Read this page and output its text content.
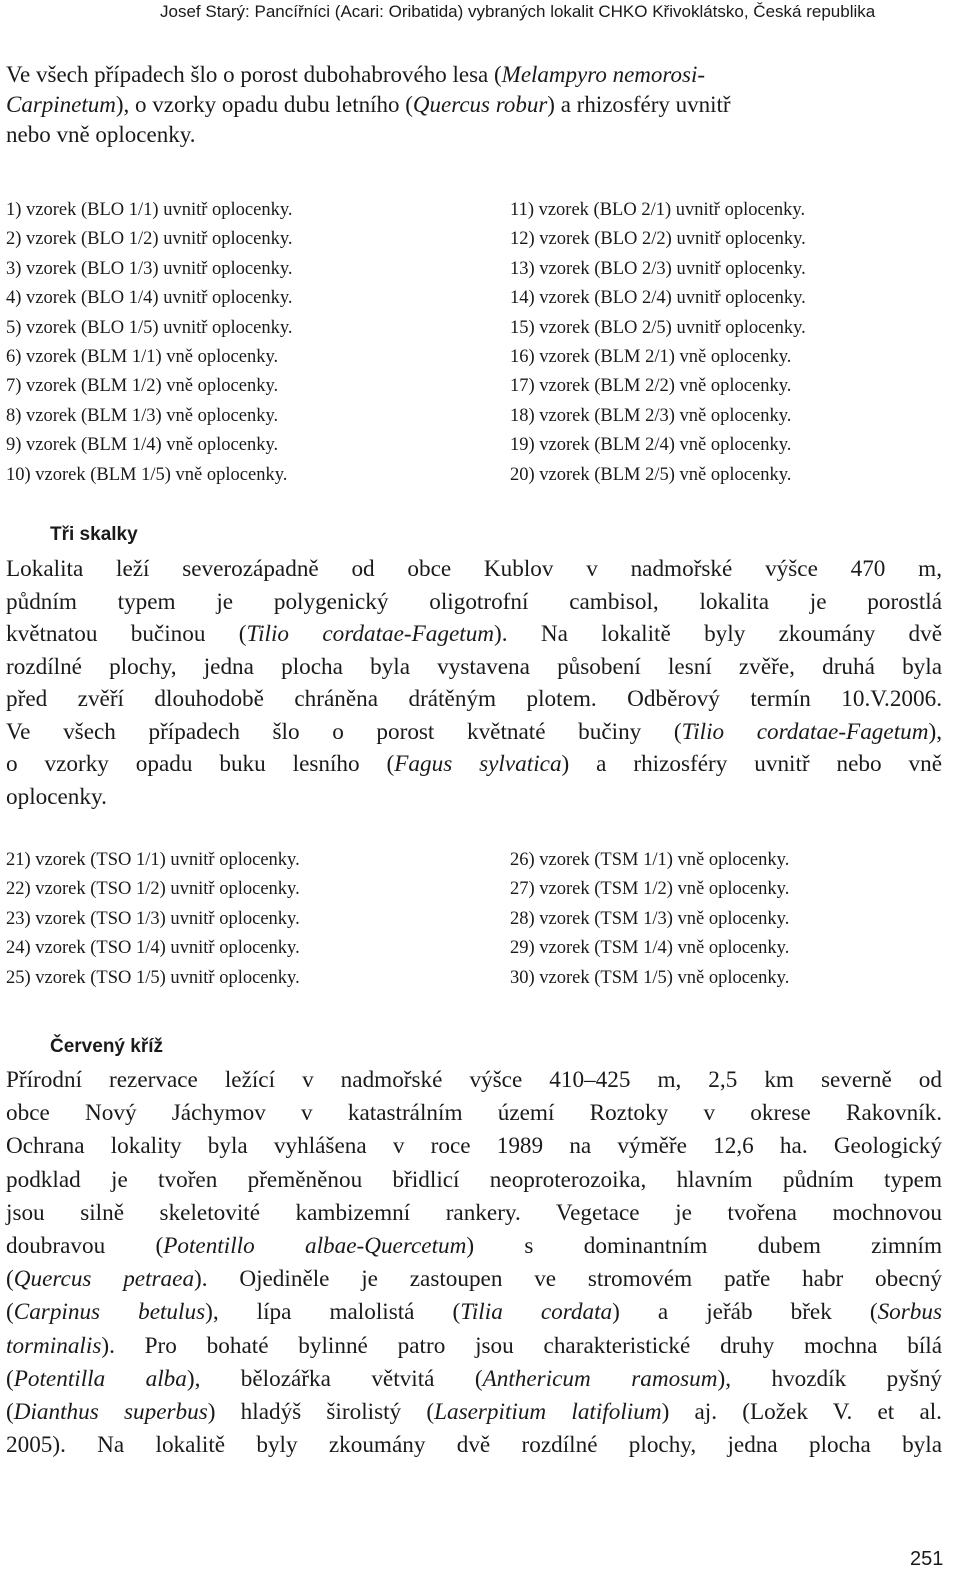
Josef Starý: Pancířníci (Acari: Oribatida) vybraných lokalit CHKO Křivoklátsko, Česká republika
Ve všech případech šlo o porost dubohabrového lesa (Melampyro nemorosi-
Carpinetum), o vzorky opadu dubu letního (Quercus robur) a rhizosféry uvnitř
nebo vně oplocenky.
1) vzorek (BLO 1/1) uvnitř oplocenky.
2) vzorek (BLO 1/2) uvnitř oplocenky.
3) vzorek (BLO 1/3) uvnitř oplocenky.
4) vzorek (BLO 1/4) uvnitř oplocenky.
5) vzorek (BLO 1/5) uvnitř oplocenky.
6) vzorek (BLM 1/1) vně oplocenky.
7) vzorek (BLM 1/2) vně oplocenky.
8) vzorek (BLM 1/3) vně oplocenky.
9) vzorek (BLM 1/4) vně oplocenky.
10) vzorek (BLM 1/5) vně oplocenky.
11) vzorek (BLO 2/1) uvnitř oplocenky.
12) vzorek (BLO 2/2) uvnitř oplocenky.
13) vzorek (BLO 2/3) uvnitř oplocenky.
14) vzorek (BLO 2/4) uvnitř oplocenky.
15) vzorek (BLO 2/5) uvnitř oplocenky.
16) vzorek (BLM 2/1) vně oplocenky.
17) vzorek (BLM 2/2) vně oplocenky.
18) vzorek (BLM 2/3) vně oplocenky.
19) vzorek (BLM 2/4) vně oplocenky.
20) vzorek (BLM 2/5) vně oplocenky.
Tři skalky
Lokalita leží severozápadně od obce Kublov v nadmořské výšce 470 m,
půdním typem je polygenický oligotrofní cambisol, lokalita je porostlá
květnatou bučinou (Tilio cordatae-Fagetum). Na lokalitě byly zkoumány dvě
rozdílné plochy, jedna plocha byla vystavena působení lesní zvěře, druhá byla
před zvěří dlouhodobě chráněna drátěným plotem. Odběrový termín 10.V.2006.
Ve všech případech šlo o porost květnaté bučiny (Tilio cordatae-Fagetum),
o vzorky opadu buku lesního (Fagus sylvatica) a rhizosféry uvnitř nebo vně
oplocenky.
21) vzorek (TSO 1/1) uvnitř oplocenky.
22) vzorek (TSO 1/2) uvnitř oplocenky.
23) vzorek (TSO 1/3) uvnitř oplocenky.
24) vzorek (TSO 1/4) uvnitř oplocenky.
25) vzorek (TSO 1/5) uvnitř oplocenky.
26) vzorek (TSM 1/1) vně oplocenky.
27) vzorek (TSM 1/2) vně oplocenky.
28) vzorek (TSM 1/3) vně oplocenky.
29) vzorek (TSM 1/4) vně oplocenky.
30) vzorek (TSM 1/5) vně oplocenky.
Červený kříž
Přírodní rezervace ležící v nadmořské výšce 410–425 m, 2,5 km severně od
obce Nový Jáchymov v katastrálním území Roztoky v okrese Rakovník.
Ochrana lokality byla vyhlášena v roce 1989 na výměře 12,6 ha. Geologický
podklad je tvořen přeměněnou břidlicí neoproterozoika, hlavním půdním typem
jsou silně skeletovité kambizemní rankery. Vegetace je tvořena mochnovou
doubravou (Potentillo albae-Quercetum) s dominantním dubem zimním
(Quercus petraea). Ojediněle je zastoupen ve stromovém patře habr obecný
(Carpinus betulus), lípa malolistá (Tilia cordata) a jeřáb břek (Sorbus
torminalis). Pro bohaté bylinné patro jsou charakteristické druhy mochna bílá
(Potentilla alba), bělozářka větvitá (Anthericum ramosum), hvozdík pyšný
(Dianthus superbus) hladýš širolistý (Laserpitium latifolium) aj. (Ložek V. et al.
2005). Na lokalitě byly zkoumány dvě rozdílné plochy, jedna plocha byla
251
